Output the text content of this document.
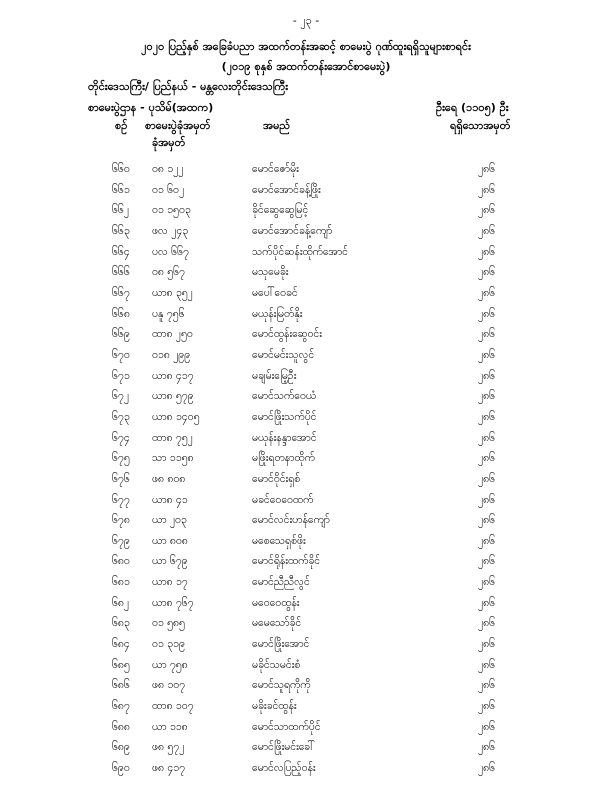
- ၂၃ -
၂၀၂၀ ပြည့်နှစ် အခြေခံပညာ အထက်တန်းအဆင့် စာမေးပွဲ ဂုဏ်ထူးရရှိသူများစာရင်း
(၂၀၁၉ စုနှစ် အထက်တန်းအောင်စာမေးပွဲ)
တိုင်းဒေသကြီး/ ပြည်နယ် - မန္တလေးတိုင်းဒေသကြီး
စာမေးပွဲဌာန - ပုသိမ်(အထက)	ဦးရေ (၁၁၀၅) ဦး
စဉ် စာမေးပွဲခုံအမှတ်
ခုံအမှတ်
အမည်	ရရှိသောအမှတ်
၆၆၀ ဝ၈ ၁၂၂	မောင်ဇော်မိုး	၂၈၆
၆၆၁ ဝ၁ ၆၀၂	မောင်အောင်ခန့်ဖြိုး	၂၈၆
၆၆၂ ဝ၁ ၁၅၀၃	ခိုင်ဆွေဆွေမြင့်	၂၈၆
၆၆၃ ဖလ ၂၄၃	မောင်အောင်ခန့်ကျော်	၂၈၆
၆၆၄ ပလ ၆၆၇	သက်ပိုင်ဆန်းထိုက်အောင်	၂၈၆
၆၆၆ ဝ၈ ၅၆၇	မသုမေခိုး	၂၈၆
၆၆၇ ယာ၈ ၃၅၂	မပေါ်ဝေခင်	၂၈၆
၆၆၈ ပနူ ၇၅၆	မယုန်းမြတ်နိုး	၂၈၆
၆၆၉ ထာ၈ ၂၅၀	မောင်ထွန်းဆွေဝင်း	၂၈၆
၆၇၀ ဝ၁၈ ၂၉၉	မောင်မင်းသူလွင်	၂၈၆
၆၇၁ ယာ၈ ၄၁၇	မချမ်းမြေ့ဦး	၂၈၆
၆၇၂ ယာ၈ ၅၇၉	မောင်သက်ဝေယံ	၂၈၆
၆၇၃ ယာ၈ ၁၄၀၅	မောင်ဖြိုးသက်ပိုင်	၂၈၆
၆၇၄ ထာ၈ ၇၅၂	မယုန်းနန္ဒာအောင်	၂၈၆
၆၇၅ သာ ၁၁၅၈	မဖြိုးရတနာထိုက်	၂၈၆
၆၇၆ ဖ၈ ၈၀၈	မောင်ဝိုင်းရှစ်	၂၈၆
၆၇၇ ယာ၈ ၄၁	မခင်ဝေဝေထက်	၂၈၆
၆၇၈ ယာ ၂၀၃	မောင်လင်းဟန်ကျော်	၂၈၆
၆၇၉ ယာ ၈၀၈	မစေသေရှစ်ဖိုး	၂၈၆
၆၈၀ ယာ ၆၇၉	မောင်ရိုန်းထက်ခိုင်	၂၈၆
၆၈၁ ယာ၈ ၁၇	မောင်ညီညီလွင်	၂၈၆
၆၈၂ ယာ၈ ၇၆၇	မဝေဝေထွန်း	၂၈၆
၆၈၃ ဝ၁ ၅၈၅	မမေသော်ခိုင်	၂၈၆
၆၈၄ ဝ၁ ၃၁၉	မောင်ဖြိုးအောင်	၂၈၆
၆၈၅ ယာ ၇၅၈	မခိုင်သမင်းစံ	၂၈၆
၆၈၆ ဖ၈ ၁၀၇	မောင်သူရကိုကို	၂၈၆
၆၈၇ ထာ၈ ၁၀၇	မခိုးခင်ထွန်း	၂၈၆
၆၈၈ ယာ ၁၁၈	မောင်သာထက်ပိုင်	၂၈၆
၆၈၉ ဖ၈ ၅၇၂	မောင်ဖြိုးမင်းခေါ်	၂၈၆
၆၉၀ ဖ၈ ၄၁၇	မောင်လပြည့်ဝန်း	၂၈၆
